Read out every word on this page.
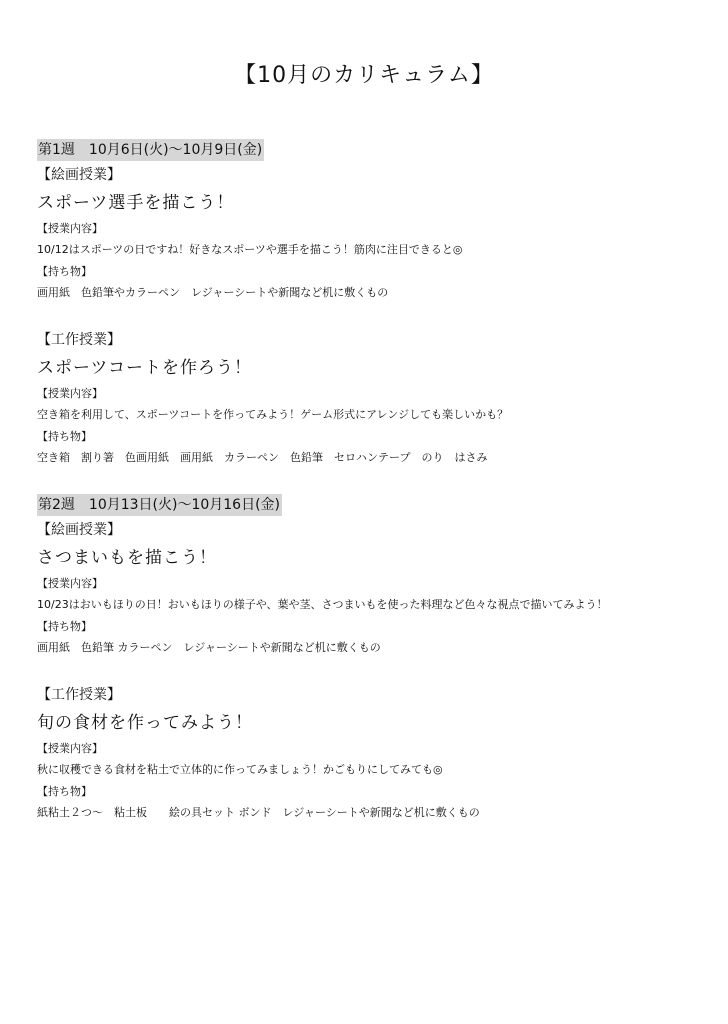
【10月のカリキュラム】
第1週　10月6日(火)〜10月9日(金)
【絵画授業】
スポーツ選手を描こう！
【授業内容】
10/12はスポーツの日ですね！好きなスポーツや選手を描こう！筋肉に注目できると◎
【持ち物】
画用紙　色鉛筆やカラーペン　レジャーシートや新聞など机に敷くもの
【工作授業】
スポーツコートを作ろう！
【授業内容】
空き箱を利用して、スポーツコートを作ってみよう！ゲーム形式にアレンジしても楽しいかも？
【持ち物】
空き箱　割り箸　色画用紙　画用紙　カラーペン　色鉛筆　セロハンテープ　のり　はさみ
第2週　10月13日(火)〜10月16日(金)
【絵画授業】
さつまいもを描こう！
【授業内容】
10/23はおいもほりの日！おいもほりの様子や、葉や茎、さつまいもを使った料理など色々な視点で描いてみよう！
【持ち物】
画用紙　色鉛筆 カラーペン　レジャーシートや新聞など机に敷くもの
【工作授業】
旬の食材を作ってみよう！
【授業内容】
秋に収穫できる食材を粘土で立体的に作ってみましょう！かごもりにしてみても◎
【持ち物】
紙粘土２つ〜　粘土板　　絵の具セット ボンド　レジャーシートや新聞など机に敷くもの
